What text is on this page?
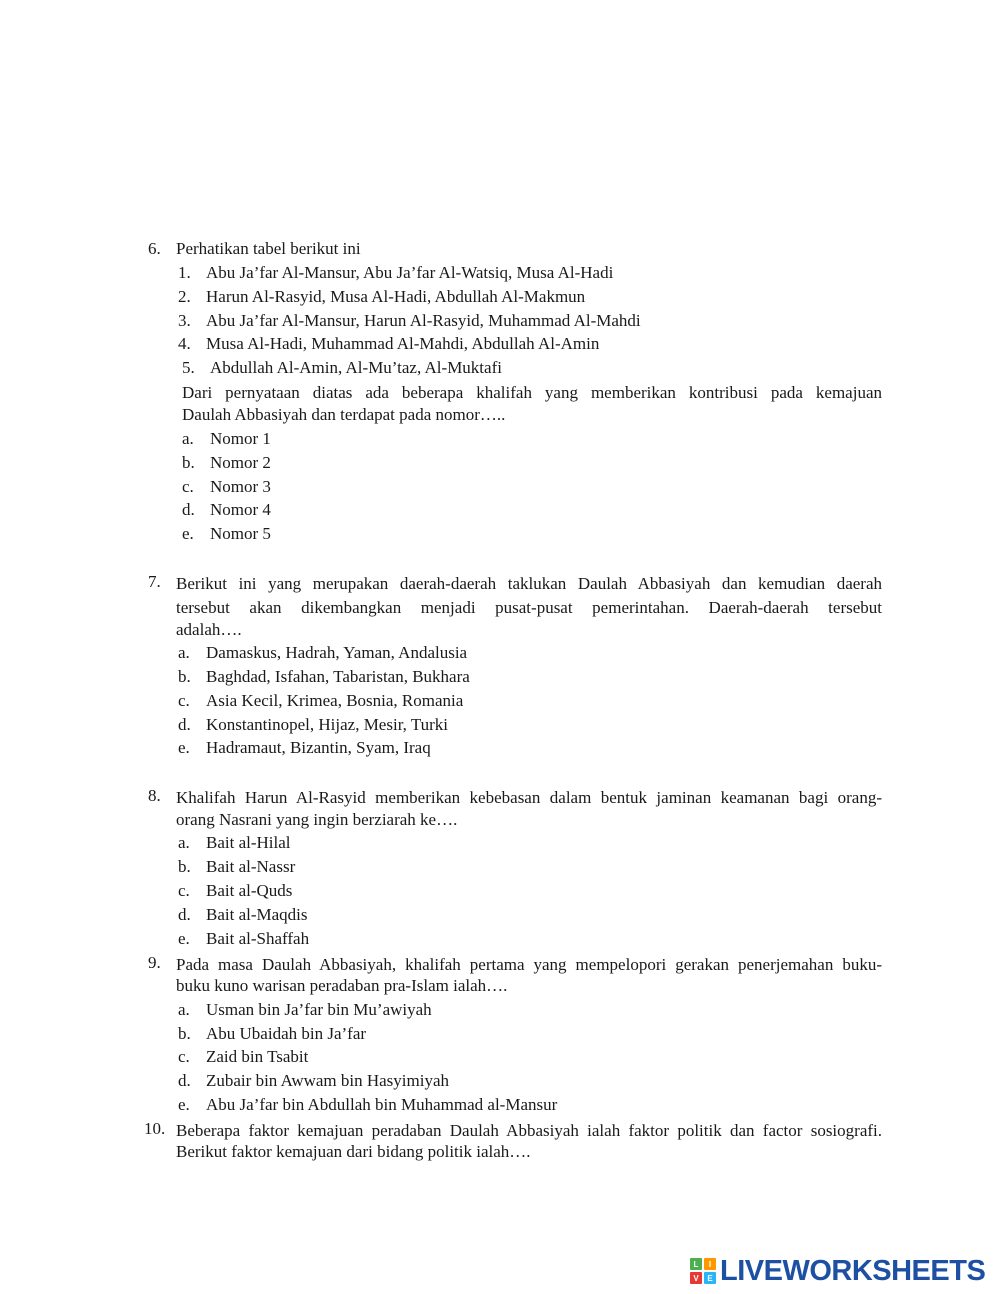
6. Perhatikan tabel berikut ini
1. Abu Ja’far Al-Mansur, Abu Ja’far Al-Watsiq, Musa Al-Hadi
2. Harun Al-Rasyid, Musa Al-Hadi, Abdullah Al-Makmun
3. Abu Ja’far Al-Mansur, Harun Al-Rasyid, Muhammad Al-Mahdi
4. Musa Al-Hadi, Muhammad Al-Mahdi, Abdullah Al-Amin
5. Abdullah Al-Amin, Al-Mu’taz, Al-Muktafi
Dari pernyataan diatas ada beberapa khalifah yang memberikan kontribusi pada kemajuan
Daulah Abbasiyah dan terdapat pada nomor…..
a. Nomor 1
b. Nomor 2
c. Nomor 3
d. Nomor 4
e. Nomor 5
7. Berikut ini yang merupakan daerah-daerah taklukan Daulah Abbasiyah dan kemudian daerah
tersebut akan dikembangkan menjadi pusat-pusat pemerintahan. Daerah-daerah tersebut
adalah….
a. Damaskus, Hadrah, Yaman, Andalusia
b. Baghdad, Isfahan, Tabaristan, Bukhara
c. Asia Kecil, Krimea, Bosnia, Romania
d. Konstantinopel, Hijaz, Mesir, Turki
e. Hadramaut, Bizantin, Syam, Iraq
8. Khalifah Harun Al-Rasyid memberikan kebebasan dalam bentuk jaminan keamanan bagi orang-
orang Nasrani yang ingin berziarah ke….
a. Bait al-Hilal
b. Bait al-Nassr
c. Bait al-Quds
d. Bait al-Maqdis
e. Bait al-Shaffah
9. Pada masa Daulah Abbasiyah, khalifah pertama yang mempelopori gerakan penerjemahan buku-
buku kuno warisan peradaban pra-Islam ialah….
a. Usman bin Ja’far bin Mu’awiyah
b. Abu Ubaidah bin Ja’far
c. Zaid bin Tsabit
d. Zubair bin Awwam bin Hasyimiyah
e. Abu Ja’far bin Abdullah bin Muhammad al-Mansur
10. Beberapa faktor kemajuan peradaban Daulah Abbasiyah ialah faktor politik dan factor sosiografi.
Berikut faktor kemajuan dari bidang politik ialah….
L	I
V	E LIVEWORKSHEETS
